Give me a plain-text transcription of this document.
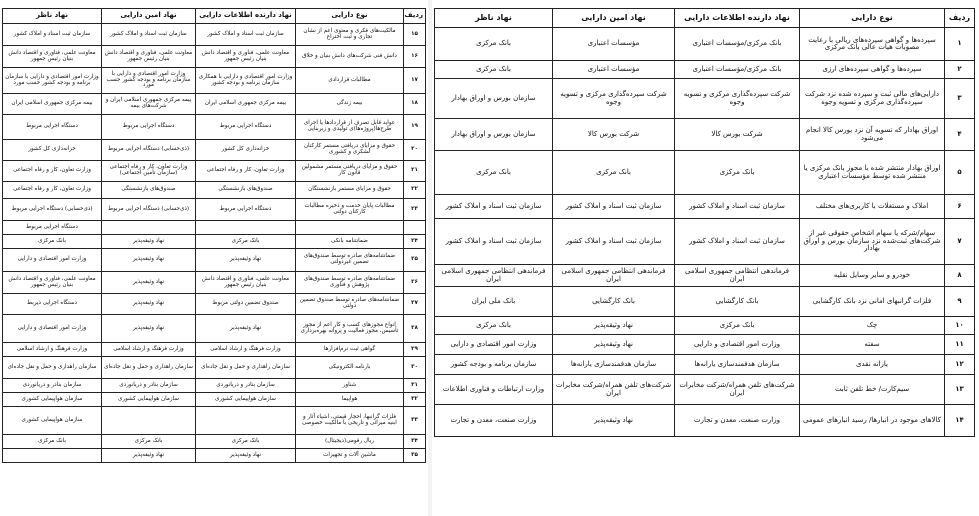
ردیف	نوع دارایی	نهاد دارنده اطلاعات دارایی	نهاد امین دارایی	نهاد ناظر
۱۵	مالکیت‌های فکری و معنوی اعم از نشان تجاری و ثبت اختراع	سازمان ثبت اسناد و املاک کشور	سازمان ثبت اسناد و املاک کشور	سازمان ثبت اسناد و املاک کشور
۱۶	دانش فنی شرکت‌های دانش بنیان و خلاق	معاونت علمی، فناوری و اقتصاد دانش بنیان رئیس جمهور	معاونت علمی، فناوری و اقتصاد دانش بنیان رئیس جمهور	معاونت علمی، فناوری و اقتصاد دانش بنیان رئیس جمهور
۱۷	مطالبات قراردادی	وزارت امور اقتصادی و دارایی با همکاری سازمان برنامه و بودجه کشور	وزارت امور اقتصادی و دارایی با سازمان برنامه و بودجه کشور حسب مورد	وزارت امور اقتصادی و دارایی با سازمان برنامه و بودجه کشور حسب مورد
۱۸	بیمه زندگی	بیمه مرکزی جمهوری اسلامی ایران	بیمه مرکزی جمهوری اسلامی ایران و شرکت‌های بیمه	بیمه مرکزی جمهوری اسلامی ایران
۱۹	عواید قابل تصرف از قراردادها یا اجرای طرح‌ها(پروژه‌ها)ی تولیدی و زیربنایی	دستگاه اجرایی مربوط	دستگاه اجرایی مربوط	دستگاه اجرایی مربوط
۲۰	حقوق و مزایای دریافتی مستمر کارکنان لشکری و کشوری	خزانه‌داری کل کشور	(ذی‌حسابی) دستگاه اجرایی مربوط	خزانه‌داری کل کشور
۲۱	حقوق و مزایای دریافتی مستمر مشمولین قانون کار	وزارت تعاون، کار و رفاه اجتماعی	وزارت تعاون، کار و رفاه اجتماعی (سازمان تأمین اجتماعی)	وزارت تعاون، کار و رفاه اجتماعی
۲۲	حقوق و مزایای مستمر بازنشستگان	صندوق‌های بازنشستگی	صندوق‌های بازنشستگی	وزارت تعاون، کار و رفاه اجتماعی
۲۳	مطالبات پایان خدمت و ذخیره مطالبات کارکنان دولتی	دستگاه اجرایی مربوط	(ذی‌حسابی) دستگاه اجرایی مربوط	(ذی‌حسابی) دستگاه اجرایی مربوط
				دستگاه اجرایی مربوط
۲۴	ضمانتنامه بانکی	بانک مرکزی	نهاد وثیقه‌پذیر	بانک مرکزی
۲۵	ضمانتنامه‌های صادره توسط صندوق‌های تضمین غیردولتی	نهاد وثیقه‌پذیر	نهاد وثیقه‌پذیر	وزارت امور اقتصادی و دارایی
۲۶	ضمانتنامه‌های صادره توسط صندوق‌های پژوهش و فناوری	معاونت علمی، فناوری و اقتصاد دانش بنیان رئیس جمهور	نهاد وثیقه‌پذیر	معاونت علمی، فناوری و اقتصاد دانش بنیان رئیس جمهور
۲۷	ضمانتنامه‌های صادره توسط صندوق تضمین دولتی	صندوق تضمین دولتی مربوط	نهاد وثیقه‌پذیر	دستگاه اجرایی ذیربط
۲۸	انواع مجوزهای کسب و کار اعم از مجوز تأسیس، مجوز فعالیت و پروانه بهره‌برداری	نهاد وثیقه‌پذیر	نهاد وثیقه‌پذیر	وزارت امور اقتصادی و دارایی
۲۹	گواهی ثبت نرم‌افزارها	وزارت فرهنگ و ارشاد اسلامی	وزارت فرهنگ و ارشاد اسلامی	وزارت فرهنگ و ارشاد اسلامی
۳۰	بارنامه الکترونیکی	سازمان راهداری و حمل و نقل جاده‌ای	سازمان راهداری و حمل و نقل جاده‌ای	سازمان راهداری و حمل و نقل جاده‌ای
۳۱	شناور	سازمان بنادر و دریانوردی	سازمان بنادر و دریانوردی	سازمان بنادر و دریانوردی
۳۲	هواپیما	سازمان هواپیمایی کشوری	سازمان هواپیمایی کشوری	سازمان هواپیمایی کشوری
۳۳	فلزات گرانبها، احجار قیمتی، اشیاء آثار و ابنیه میراثی و تاریخی با مالکیت خصوصی			سازمان هواپیمایی کشوری
۳۴	ریال رقومی(دیجیتال)	بانک مرکزی	بانک مرکزی	بانک مرکزی
۳۵	ماشین آلات و تجهیزات	نهاد وثیقه‌پذیر	نهاد وثیقه‌پذیر	
ردیف	نوع دارایی	نهاد دارنده اطلاعات دارایی	نهاد امین دارایی	نهاد ناظر
۱	سپرده‌ها و گواهی سپرده‌های ریالی با رعایت مصوبات هیات عالی بانک مرکزی	بانک مرکزی/مؤسسات اعتباری	مؤسسات اعتباری	بانک مرکزی
۲	سپرده‌ها و گواهی سپرده‌های ارزی	بانک مرکزی/مؤسسات اعتباری	مؤسسات اعتباری	بانک مرکزی
۳	دارایی‌های مالی ثبت و سپرده شده نزد شرکت سپرده‌گذاری مرکزی و تسویه وجوه	شرکت سپرده‌گذاری مرکزی و تسویه وجوه	شرکت سپرده‌گذاری مرکزی و تسویه وجوه	سازمان بورس و اوراق بهادار
۴	اوراق بهادار که تسویه آن نزد بورس کالا انجام می‌شود	شرکت بورس کالا	شرکت بورس کالا	سازمان بورس و اوراق بهادار
۵	اوراق بهادار منتشر شده با مجوز بانک مرکزی یا منتشر شده توسط مؤسسات اعتباری	بانک مرکزی	بانک مرکزی	بانک مرکزی
۶	املاک و مستغلات با کاربری‌های مختلف	سازمان ثبت اسناد و املاک کشور	سازمان ثبت اسناد و املاک کشور	سازمان ثبت اسناد و املاک کشور
۷	سهام/شرکه یا سهام اشخاص حقوقی غیر از شرکت‌های ثبت‌شده نزد سازمان بورس و اوراق بهادار	سازمان ثبت اسناد و املاک کشور	سازمان ثبت اسناد و املاک کشور	سازمان ثبت اسناد و املاک کشور
۸	خودرو و سایر وسایل نقلیه	فرماندهی انتظامی جمهوری اسلامی ایران	فرماندهی انتظامی جمهوری اسلامی ایران	فرماندهی انتظامی جمهوری اسلامی ایران
۹	فلزات گرانبهای امانی نزد بانک کارگشایی	بانک کارگشایی	بانک کارگشایی	بانک ملی ایران
۱۰	چک	بانک مرکزی	نهاد وثیقه‌پذیر	بانک مرکزی
۱۱	سفته	وزارت امور اقتصادی و دارایی	نهاد وثیقه‌پذیر	وزارت امور اقتصادی و دارایی
۱۲	یارانه نقدی	سازمان هدفمندسازی یارانه‌ها	سازمان هدفمندسازی یارانه‌ها	سازمان برنامه و بودجه کشور
۱۳	سیم‌کارت/ خط تلفن ثابت	شرکت‌های تلفن همراه/شرکت مخابرات ایران	شرکت‌های تلفن همراه/شرکت مخابرات ایران	وزارت ارتباطات و فناوری اطلاعات
۱۴	کالاهای موجود در انبارها/ رسید انبارهای عمومی	وزارت صنعت، معدن و تجارت	نهاد وثیقه‌پذیر	وزارت صنعت، معدن و تجارت
